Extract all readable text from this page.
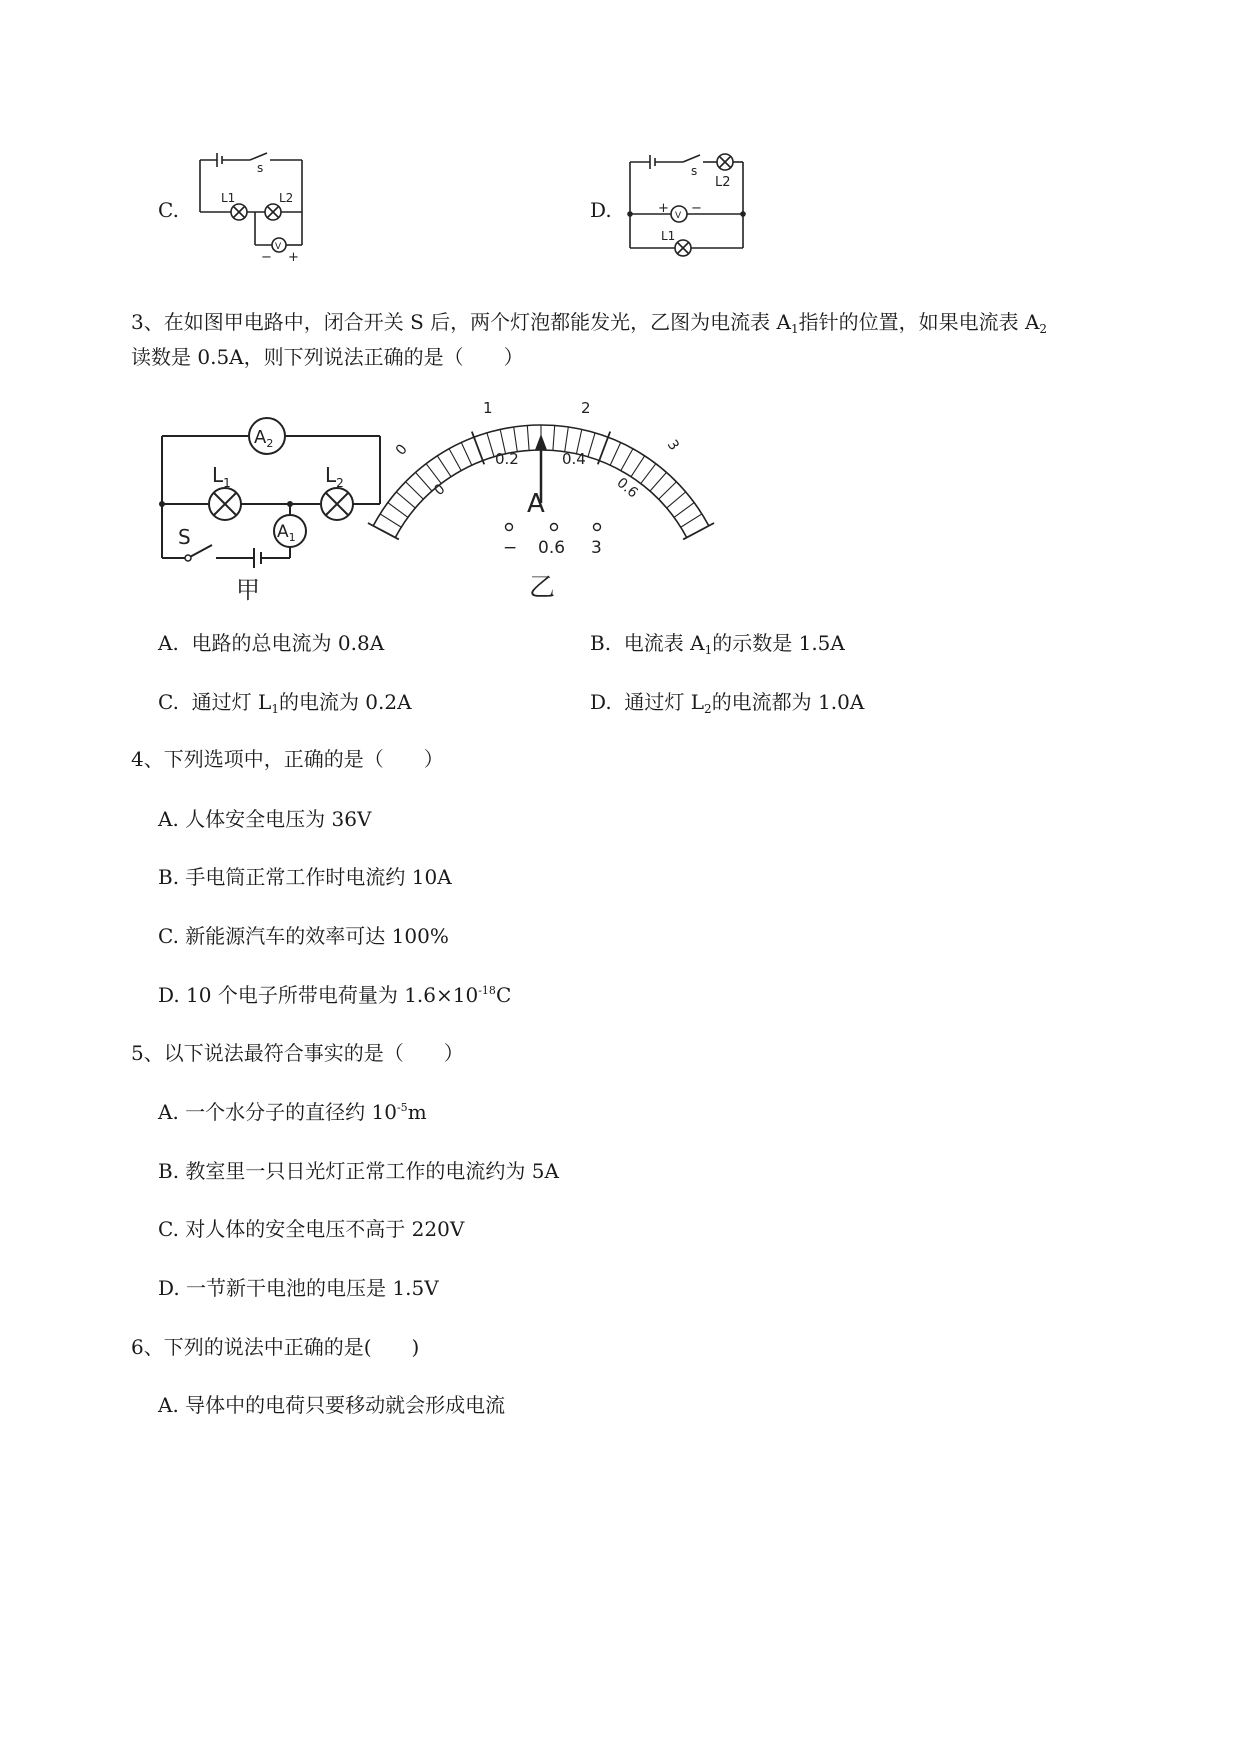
C.
s
L1	L2
V
− +
D.
s
L2
L1
V
+ −
3、在如图甲电路中，闭合开关 S 后，两个灯泡都能发光，乙图为电流表 $A_1$指针的位置，如果电流表 $A_2$
读数是 0.5A，则下列说法正确的是（　　）
$A_2$
$L_1$	$L_2$
$A_1$
S
甲
0
1	2
3
0
0.2	0.4
0.6
A
− 0.6 3
乙
A. 电路的总电流为 0.8A	B. 电流表 $A_1$的示数是 1.5A
C. 通过灯 $L_1$的电流为 0.2A	D. 通过灯 $L_2$的电流都为 1.0A
4、下列选项中，正确的是（　　）
A. 人体安全电压为 36V
B. 手电筒正常工作时电流约 10A
C. 新能源汽车的效率可达 100%
D. 10 个电子所带电荷量为 $1.6\times 10^{-18}C$
5、以下说法最符合事实的是（　　）
A. 一个水分子的直径约 $10^{-5}m$
B. 教室里一只日光灯正常工作的电流约为 5A
C. 对人体的安全电压不高于 220V
D. 一节新干电池的电压是 1.5V
6、下列的说法中正确的是(　　)
A. 导体中的电荷只要移动就会形成电流
